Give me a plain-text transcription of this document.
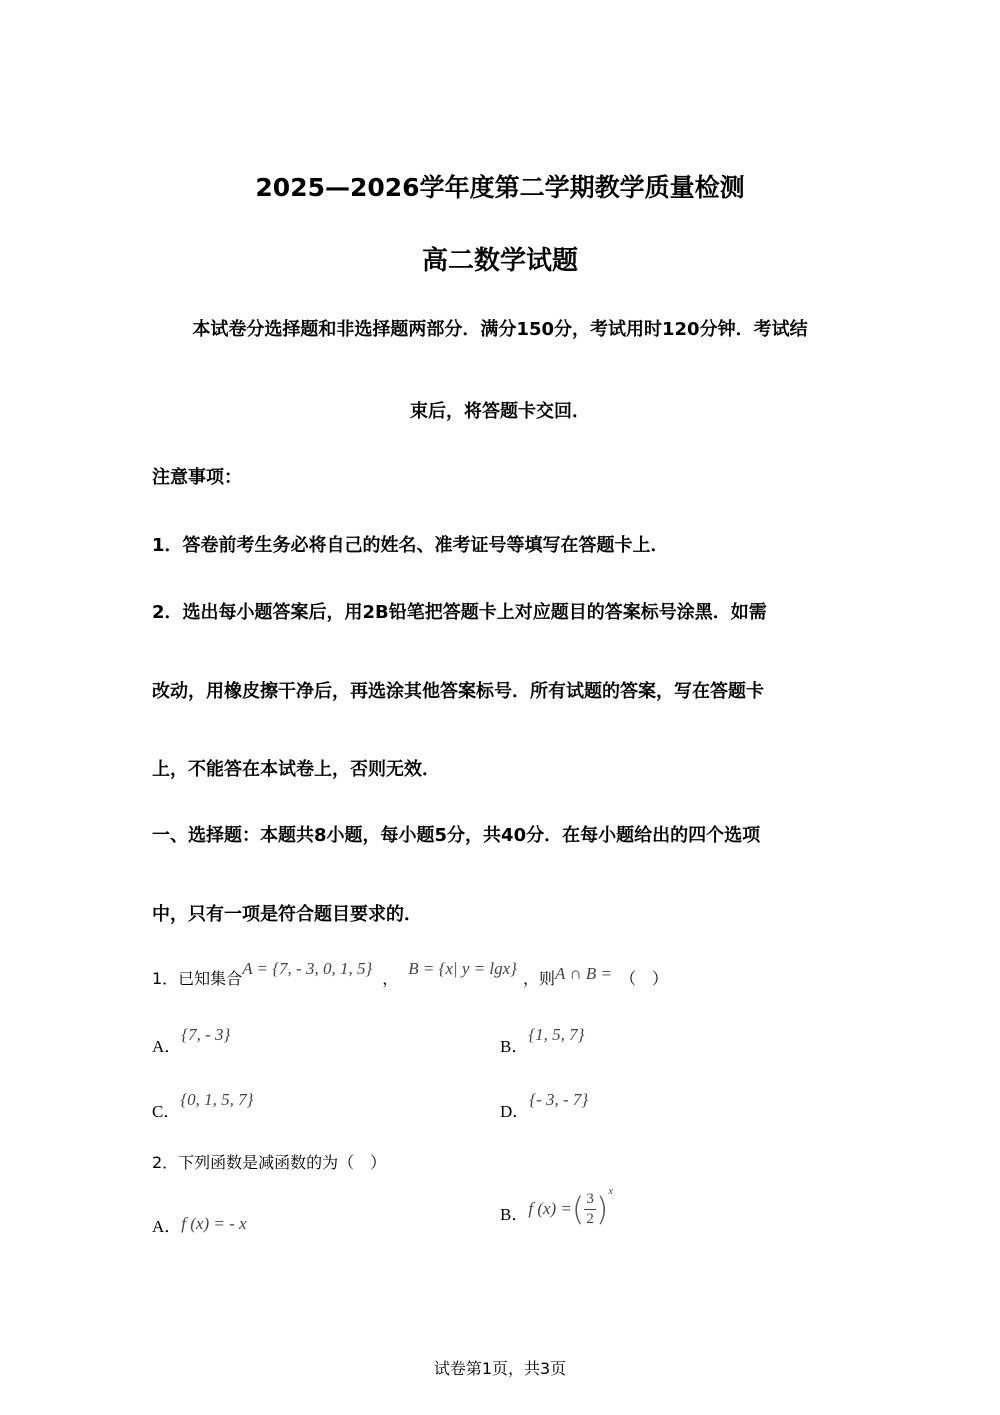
2025—2026学年度第二学期教学质量检测
高二数学试题
本试卷分选择题和非选择题两部分．满分150分，考试用时120分钟．考试结
束后，将答题卡交回．
注意事项：
1．答卷前考生务必将自己的姓名、准考证号等填写在答题卡上．
2．选出每小题答案后，用2B铅笔把答题卡上对应题目的答案标号涂黑．如需
改动，用橡皮擦干净后，再选涂其他答案标号．所有试题的答案，写在答题卡
上，不能答在本试卷上，否则无效．
一、选择题：本题共8小题，每小题5分，共40分．在每小题给出的四个选项
中，只有一项是符合题目要求的．
1．已知集合A = {7, - 3, 0, 1, 5}，B = {x| y = lgx}，则A ∩ B = （　）
A．{7, - 3}
B．{1, 5, 7}
C．{0, 1, 5, 7}
D．{- 3, - 7}
2．下列函数是减函数的为（　）
A．f (x) = - x	B．f (x) =( $\frac{3}{2} )^x$
试卷第1页，共3页
